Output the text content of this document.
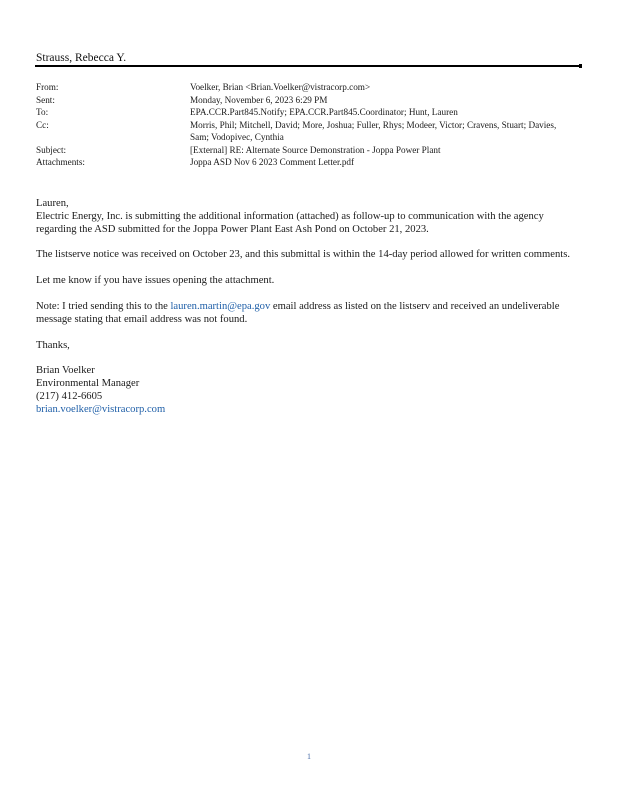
Strauss, Rebecca Y.
From:	Voelker, Brian <Brian.Voelker@vistracorp.com>
Sent:	Monday, November 6, 2023 6:29 PM
To:	EPA.CCR.Part845.Notify; EPA.CCR.Part845.Coordinator; Hunt, Lauren
Cc:	Morris, Phil; Mitchell, David; More, Joshua; Fuller, Rhys; Modeer, Victor; Cravens, Stuart; Davies, Sam; Vodopivec, Cynthia
Subject:	[External] RE: Alternate Source Demonstration - Joppa Power Plant
Attachments:	Joppa ASD Nov 6 2023 Comment Letter.pdf

Lauren,

Electric Energy, Inc. is submitting the additional information (attached) as follow-up to communication with the agency regarding the ASD submitted for the Joppa Power Plant East Ash Pond on October 21, 2023.

The listserve notice was received on October 23, and this submittal is within the 14-day period allowed for written comments.

Let me know if you have issues opening the attachment.

Note: I tried sending this to the lauren.martin@epa.gov email address as listed on the listserv and received an undeliverable message stating that email address was not found.

Thanks,

Brian Voelker

Environmental Manager

(217) 412-6605

brian.voelker@vistracorp.com

1
